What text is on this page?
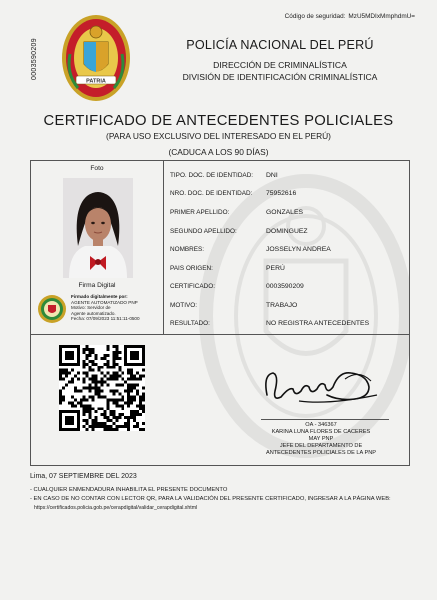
Código de seguridad: MzU5MDIxMmphdmU=
0003590209
PATRIA
POLICÍA NACIONAL DEL PERÚ
DIRECCIÓN DE CRIMINALÍSTICA
DIVISIÓN DE IDENTIFICACIÓN CRIMINALÍSTICA
CERTIFICADO DE ANTECEDENTES POLICIALES
(PARA USO EXCLUSIVO DEL INTERESADO EN EL PERÚ)
(CADUCA A LOS 90 DÍAS)
Foto
Firma Digital
Firmado digitalmente por:
AGENTE AUTOMATIZADO PNP
Motivo: Servidor de
Agente automatizado.
Fecha: 07/09/2023 11:51:11-0500
TIPO. DOC. DE IDENTIDAD: DNI
NRO. DOC. DE IDENTIDAD: 75952616
PRIMER APELLIDO:	GONZALES
SEGUNDO APELLIDO:	DOMINGUEZ
NOMBRES:	JOSSELYN ANDREA
PAIS ORIGEN:	PERÚ
CERTIFICADO:	0003590209
MOTIVO:	TRABAJO
RESULTADO:	NO REGISTRA ANTECEDENTES
OA - 346367
KARINA LUNA FLORES DE CACERES
MAY PNP
JEFE DEL DEPARTAMENTO DE
ANTECEDENTES POLICIALES DE LA PNP
Lima, 07 SEPTIEMBRE DEL 2023
- CUALQUIER ENMENDADURA INHABILITA EL PRESENTE DOCUMENTO
- EN CASO DE NO CONTAR CON LECTOR QR, PARA LA VALIDACIÓN DEL PRESENTE CERTIFICADO, INGRESAR A LA PÁGINA WEB:
https://certificados.policia.gob.pe/cerapdigital/validar_cerapdigital.xhtml
